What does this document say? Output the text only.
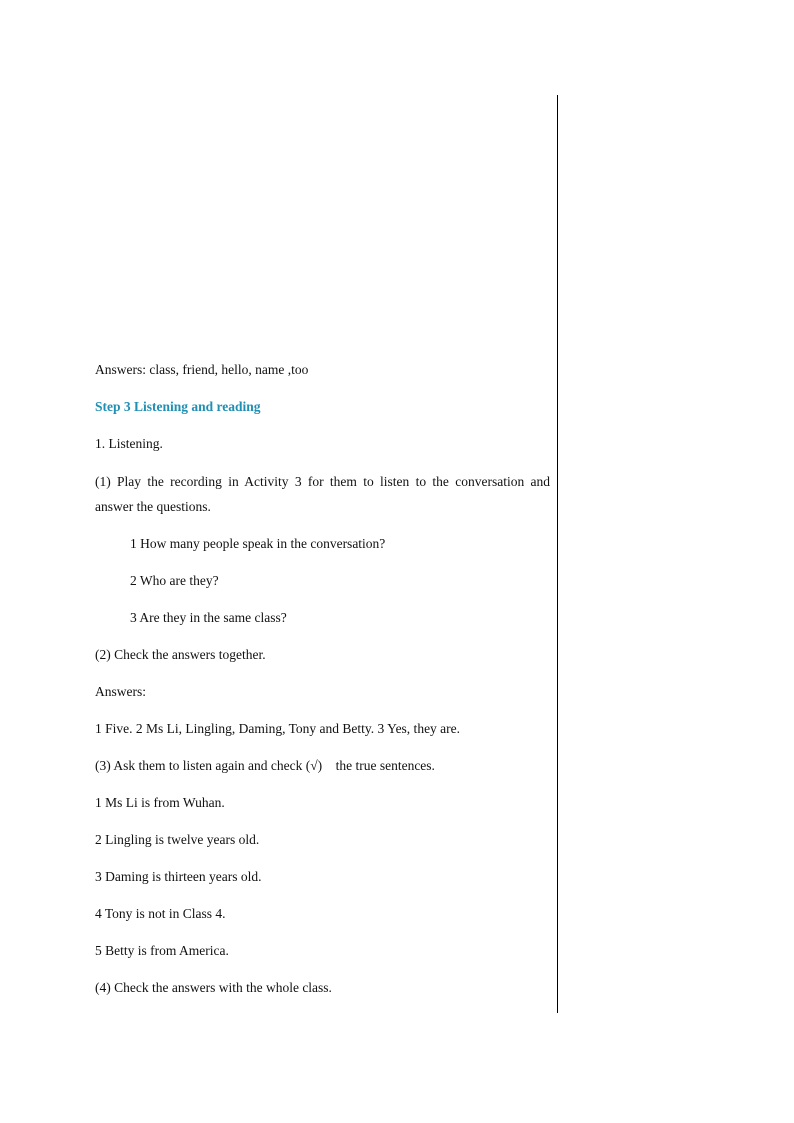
Answers: class, friend, hello, name ,too

Step 3 Listening and reading

1. Listening.

(1) Play the recording in Activity 3 for them to listen to the conversation and answer the questions.

1 How many people speak in the conversation?

2 Who are they?

3 Are they in the same class?

(2) Check the answers together.

Answers:

1 Five. 2 Ms Li, Lingling, Daming, Tony and Betty. 3 Yes, they are.

(3) Ask them to listen again and check (√)    the true sentences.

1 Ms Li is from Wuhan.

2 Lingling is twelve years old.

3 Daming is thirteen years old.

4 Tony is not in Class 4.

5 Betty is from America.

(4) Check the answers with the whole class.
